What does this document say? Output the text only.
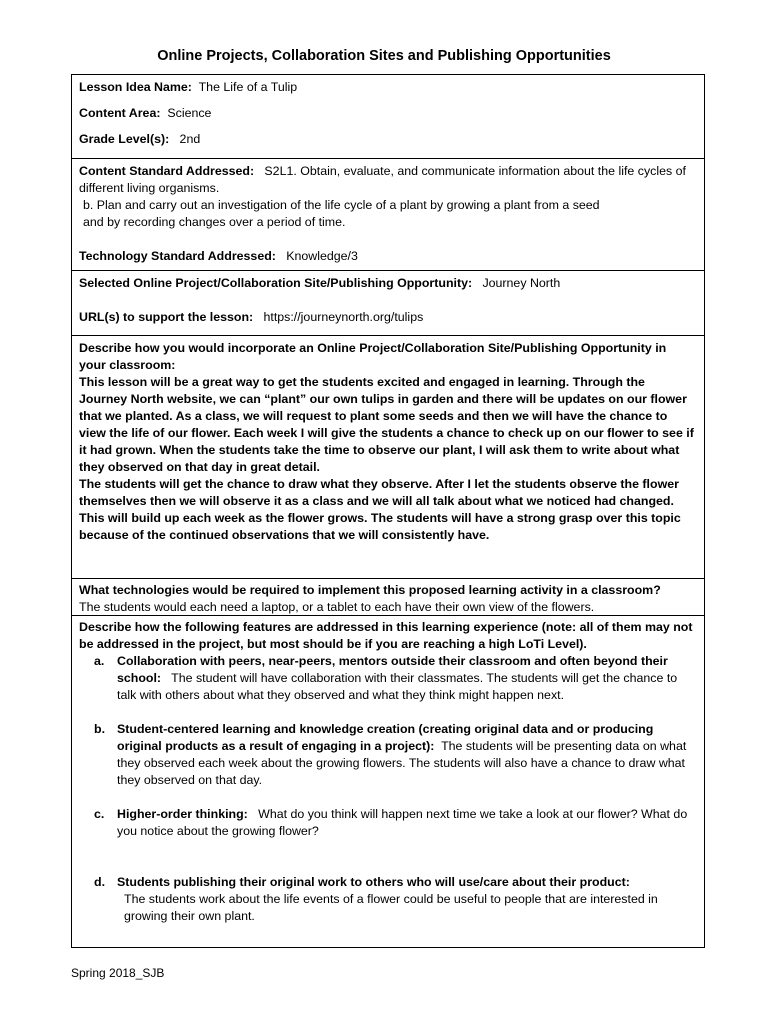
Online Projects, Collaboration Sites and Publishing Opportunities
Lesson Idea Name: The Life of a Tulip
Content Area: Science
Grade Level(s): 2nd
Content Standard Addressed: S2L1. Obtain, evaluate, and communicate information about the life cycles of different living organisms.
b. Plan and carry out an investigation of the life cycle of a plant by growing a plant from a seed and by recording changes over a period of time.
Technology Standard Addressed: Knowledge/3
Selected Online Project/Collaboration Site/Publishing Opportunity: Journey North
URL(s) to support the lesson: https://journeynorth.org/tulips
Describe how you would incorporate an Online Project/Collaboration Site/Publishing Opportunity in your classroom:
This lesson will be a great way to get the students excited and engaged in learning. Through the Journey North website, we can “plant” our own tulips in garden and there will be updates on our flower that we planted. As a class, we will request to plant some seeds and then we will have the chance to view the life of our flower. Each week I will give the students a chance to check up on our flower to see if it had grown. When the students take the time to observe our plant, I will ask them to write about what they observed on that day in great detail.
The students will get the chance to draw what they observe. After I let the students observe the flower themselves then we will observe it as a class and we will all talk about what we noticed had changed. This will build up each week as the flower grows. The students will have a strong grasp over this topic because of the continued observations that we will consistently have.
What technologies would be required to implement this proposed learning activity in a classroom?
The students would each need a laptop, or a tablet to each have their own view of the flowers.
Describe how the following features are addressed in this learning experience (note: all of them may not be addressed in the project, but most should be if you are reaching a high LoTi Level).
a.	Collaboration with peers, near-peers, mentors outside their classroom and often beyond their school: The student will have collaboration with their classmates. The students will get the chance to talk with others about what they observed and what they think might happen next.
b. Student-centered learning and knowledge creation (creating original data and or producing original products as a result of engaging in a project): The students will be presenting data on what they observed each week about the growing flowers. The students will also have a chance to draw what they observed on that day.
c.	Higher-order thinking: What do you think will happen next time we take a look at our flower? What do you notice about the growing flower?
d. Students publishing their original work to others who will use/care about their product:
The students work about the life events of a flower could be useful to people that are interested in growing their own plant.
Spring 2018_SJB
